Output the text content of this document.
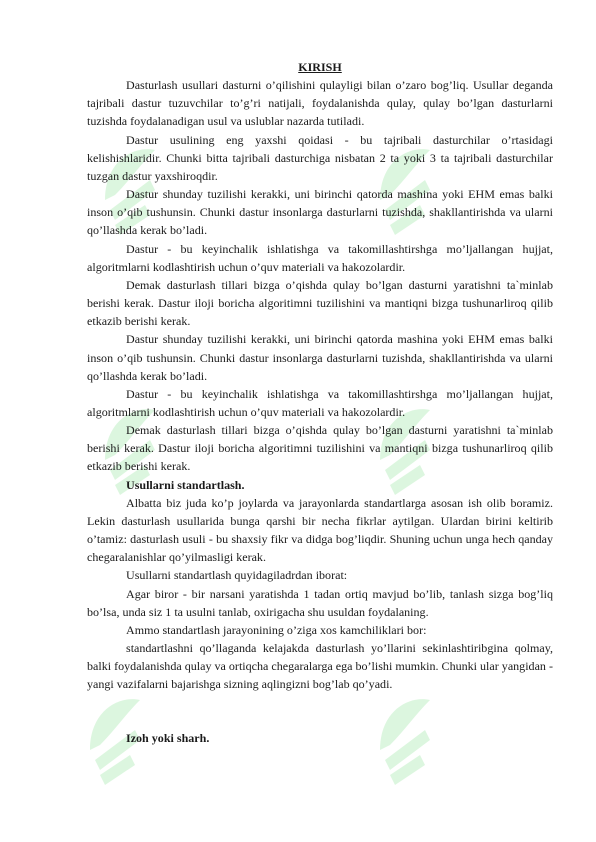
KIRISH

Dasturlash usullari dasturni o’qilishini qulayligi bilan o’zaro bog’liq. Usullar deganda tajribali dastur tuzuvchilar to’g’ri natijali, foydalanishda qulay, qulay bo’lgan dasturlarni tuzishda foydalanadigan usul va uslublar nazarda tutiladi.

Dastur usulining eng yaxshi qoidasi - bu tajribali dasturchilar o’rtasidagi kelishishlaridir. Chunki bitta tajribali dasturchiga nisbatan 2 ta yoki 3 ta tajribali dasturchilar tuzgan dastur yaxshiroqdir.

Dastur shunday tuzilishi kerakki, uni birinchi qatorda mashina yoki EHM emas balki inson o’qib tushunsin. Chunki dastur insonlarga dasturlarni tuzishda, shakllantirishda va ularni qo’llashda kerak bo’ladi.

Dastur - bu keyinchalik ishlatishga va takomillashtirshga mo’ljallangan hujjat, algoritmlarni kodlashtirish uchun o’quv materiali va hakozolardir.

Demak dasturlash tillari bizga o’qishda qulay bo’lgan dasturni yaratishni ta`minlab berishi kerak. Dastur iloji boricha algoritimni tuzilishini va mantiqni bizga tushunarliroq qilib etkazib berishi kerak.

Dastur shunday tuzilishi kerakki, uni birinchi qatorda mashina yoki EHM emas balki inson o’qib tushunsin. Chunki dastur insonlarga dasturlarni tuzishda, shakllantirishda va ularni qo’llashda kerak bo’ladi.

Dastur - bu keyinchalik ishlatishga va takomillashtirshga mo’ljallangan hujjat, algoritmlarni kodlashtirish uchun o’quv materiali va hakozolardir.

Demak dasturlash tillari bizga o’qishda qulay bo’lgan dasturni yaratishni ta`minlab berishi kerak. Dastur iloji boricha algoritimni tuzilishini va mantiqni bizga tushunarliroq qilib etkazib berishi kerak.

Usullarni standartlash.

Albatta biz juda ko’p joylarda va jarayonlarda standartlarga asosan ish olib boramiz. Lekin dasturlash usullarida bunga qarshi bir necha fikrlar aytilgan. Ulardan birini keltirib o’tamiz: dasturlash usuli - bu shaxsiy fikr va didga bog’liqdir. Shuning uchun unga hech qanday chegaralanishlar qo’yilmasligi kerak.

Usullarni standartlash quyidagiladrdan iborat:

Agar biror - bir narsani yaratishda 1 tadan ortiq mavjud bo’lib, tanlash sizga bog’liq bo’lsa, unda siz 1 ta usulni tanlab, oxirigacha shu usuldan foydalaning.

Ammo standartlash jarayonining o’ziga xos kamchiliklari bor:

standartlashni qo’llaganda kelajakda dasturlash yo’llarini sekinlashtiribgina qolmay, balki foydalanishda qulay va ortiqcha chegaralarga ega bo’lishi mumkin. Chunki ular yangidan - yangi vazifalarni bajarishga sizning aqlingizni bog’lab qo’yadi.

Izoh yoki sharh.
